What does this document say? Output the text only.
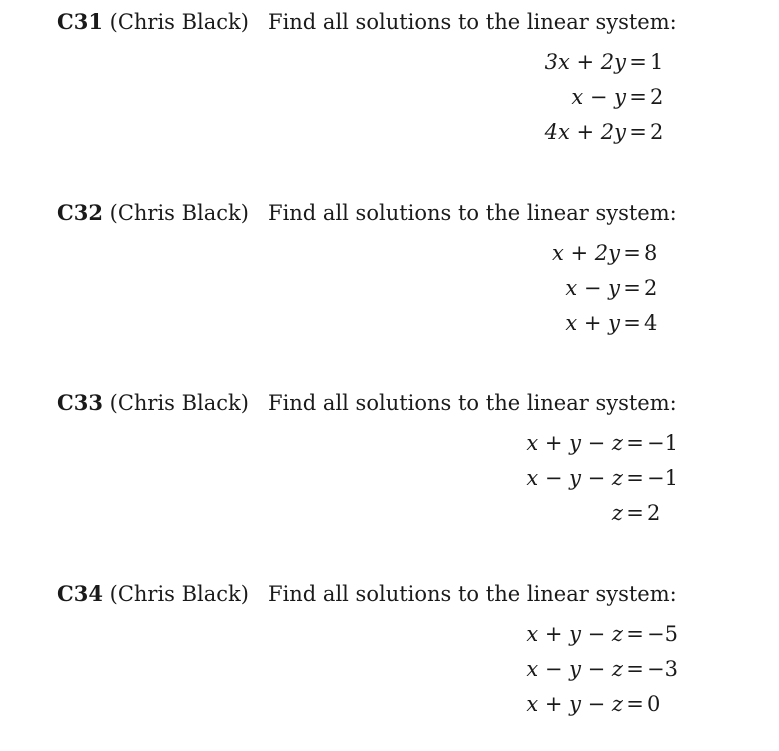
C31 (Chris Black) Find all solutions to the linear system:
3x + 2y = 1
x − y = 2
4x + 2y = 2
C32 (Chris Black) Find all solutions to the linear system:
x + 2y = 8
x − y = 2
x + y = 4
C33 (Chris Black) Find all solutions to the linear system:
x + y − z = −1
x − y − z = −1
z = 2
C34 (Chris Black) Find all solutions to the linear system:
x + y − z = −5
x − y − z = −3
x + y − z = 0
